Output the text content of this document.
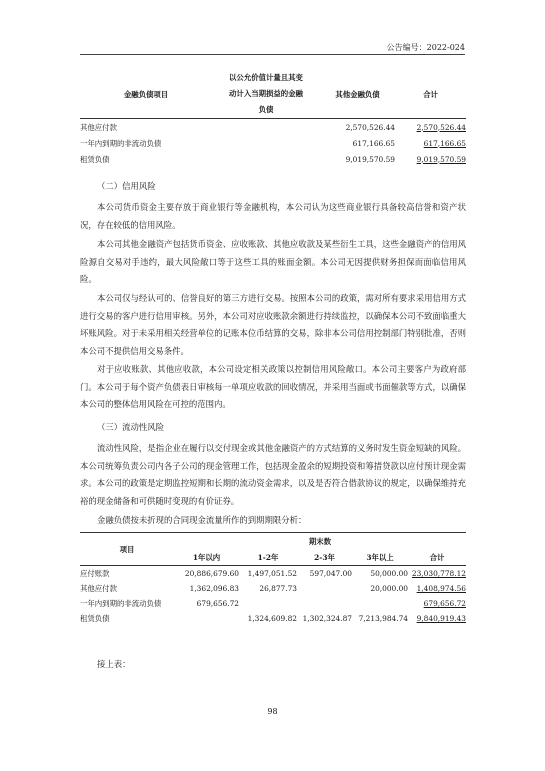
公告编号：2022-024
金融负债项目	以公允价值计量且其变
动计入当期损益的金融
负债	其他金融负债	合计
其他应付款		2,570,526.44	2,570,526.44
一年内到期的非流动负债		617,166.65	617,166.65
租赁负债		9,019,570.59	9,019,570.59
（二）信用风险

本公司货币资金主要存放于商业银行等金融机构，本公司认为这些商业银行具备较高信誉和资产状况，存在较低的信用风险。

本公司其他金融资产包括货币资金、应收账款、其他应收款及某些衍生工具，这些金融资产的信用风险源自交易对手违约，最大风险敞口等于这些工具的账面金额。本公司无因提供财务担保而面临信用风险。

本公司仅与经认可的、信誉良好的第三方进行交易。按照本公司的政策，需对所有要求采用信用方式进行交易的客户进行信用审核。另外，本公司对应收账款余额进行持续监控，以确保本公司不致面临重大坏账风险。对于未采用相关经营单位的记账本位币结算的交易，除非本公司信用控制部门特别批准，否则本公司不提供信用交易条件。

对于应收账款、其他应收款，本公司设定相关政策以控制信用风险敞口。本公司主要客户为政府部门。本公司于每个资产负债表日审核每一单项应收款的回收情况，并采用当面或书面催款等方式，以确保本公司的整体信用风险在可控的范围内。

（三）流动性风险

流动性风险，是指企业在履行以交付现金或其他金融资产的方式结算的义务时发生资金短缺的风险。本公司统筹负责公司内各子公司的现金管理工作，包括现金盈余的短期投资和筹措贷款以应付预计现金需求。本公司的政策是定期监控短期和长期的流动资金需求，以及是否符合借款协议的规定，以确保维持充裕的现金储备和可供随时变现的有价证券。

金融负债按未折现的合同现金流量所作的到期期限分析：

项目	期末数				
	1年以内	1-2年	2-3年	3年以上	合计
应付账款	20,886,679.60	1,497,051.52	597,047.00	50,000.00	23,030,778.12
其他应付款	1,362,096.83	26,877.73		20,000.00	1,408,974.56
一年内到期的非流动负债	679,656.72				679,656.72
租赁负债		1,324,609.82	1,302,324.87	7,213,984.74	9,840,919.43
接上表：
98
